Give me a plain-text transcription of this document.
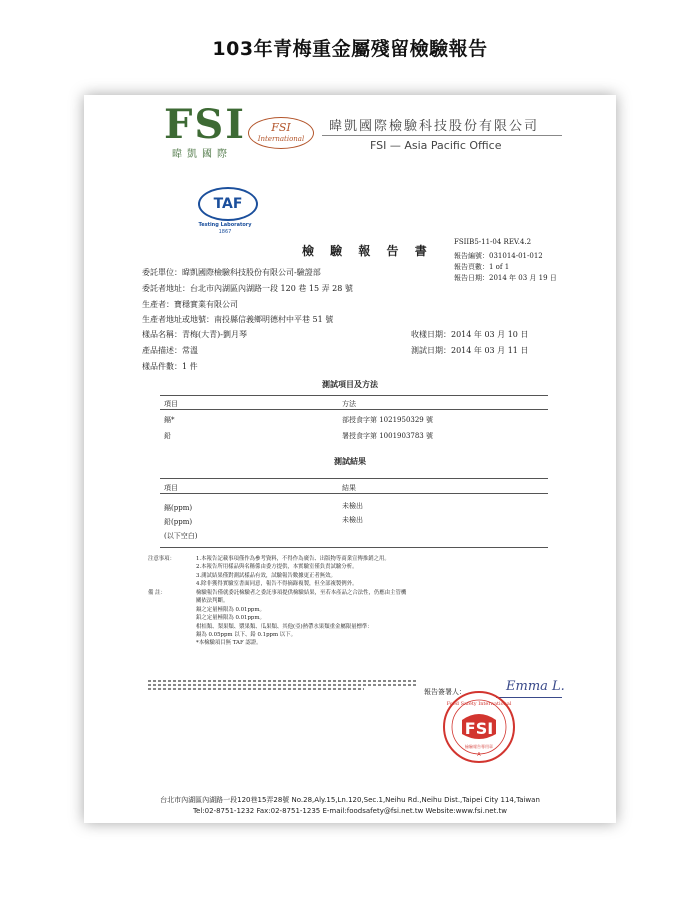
103年青梅重金屬殘留檢驗報告
FSI
暐凱國際
FSI
International
暐凱國際檢驗科技股份有限公司
FSI — Asia Pacific Office
TAF
Testing Laboratory
1867
檢 驗 報 告 書
FSIIB5-11-04 REV.4.2
報告編號：031014-01-012
報告頁數：1 of 1
報告日期：2014 年 03 月 19 日
委託單位：暐凱國際檢驗科技股份有限公司-驗證部
委託者地址：台北市內湖區內湖路一段 120 巷 15 弄 28 號
生產者：寶穩實業有限公司
生產者地址或地號：南投縣信義鄉明德村中平巷 51 號
樣品名稱：青梅(大青)-劉月琴	收樣日期：2014 年 03 月 10 日
產品描述：常溫	測試日期：2014 年 03 月 11 日
樣品件數：1 件
測試項目及方法
項目	方法
鎘*	部授食字第 1021950329 號
鉛	署授食字第 1001903783 號
測試結果
項目	結果
鎘(ppm)	未檢出
鉛(ppm)	未檢出
(以下空白)
注意事項：	1.本報告記載事項僅作為參考資料，不得作為廣告、出版物等商業宣傳推銷之用。
2.本報告所用樣品與名稱係由委方提供，本實驗室僅負責試驗分析。
3.測試結果僅對測試樣品有效，試驗報告數據更正者無效。
4.除非獲得實驗室書面同意，報告不得摘錄複製，但全部複製例外。
備 註：	檢驗報告僅就委託檢驗者之委託事項提供檢驗結果，至若本產品之合法性，仍應由主管機
關依法判斷。
鎘之定量極限為 0.01ppm。
鉛之定量極限為 0.01ppm。
柑桔類、梨果類、漿果類、瓜果類、其他(亞)熱帶水果類重金屬限量標準：
鎘為 0.05ppm 以下、鉛 0.1ppm 以下。
*本檢驗項目無 TAF 認證。
報告簽署人：	Emma L.
FSI
Food Safety International
檢驗報告專用章
A
台北市內湖區內湖路一段120巷15弄28號 No.28,Aly.15,Ln.120,Sec.1,Neihu Rd.,Neihu Dist.,Taipei City 114,Taiwan
Tel:02-8751-1232 Fax:02-8751-1235 E-mail:foodsafety@fsi.net.tw Website:www.fsi.net.tw
